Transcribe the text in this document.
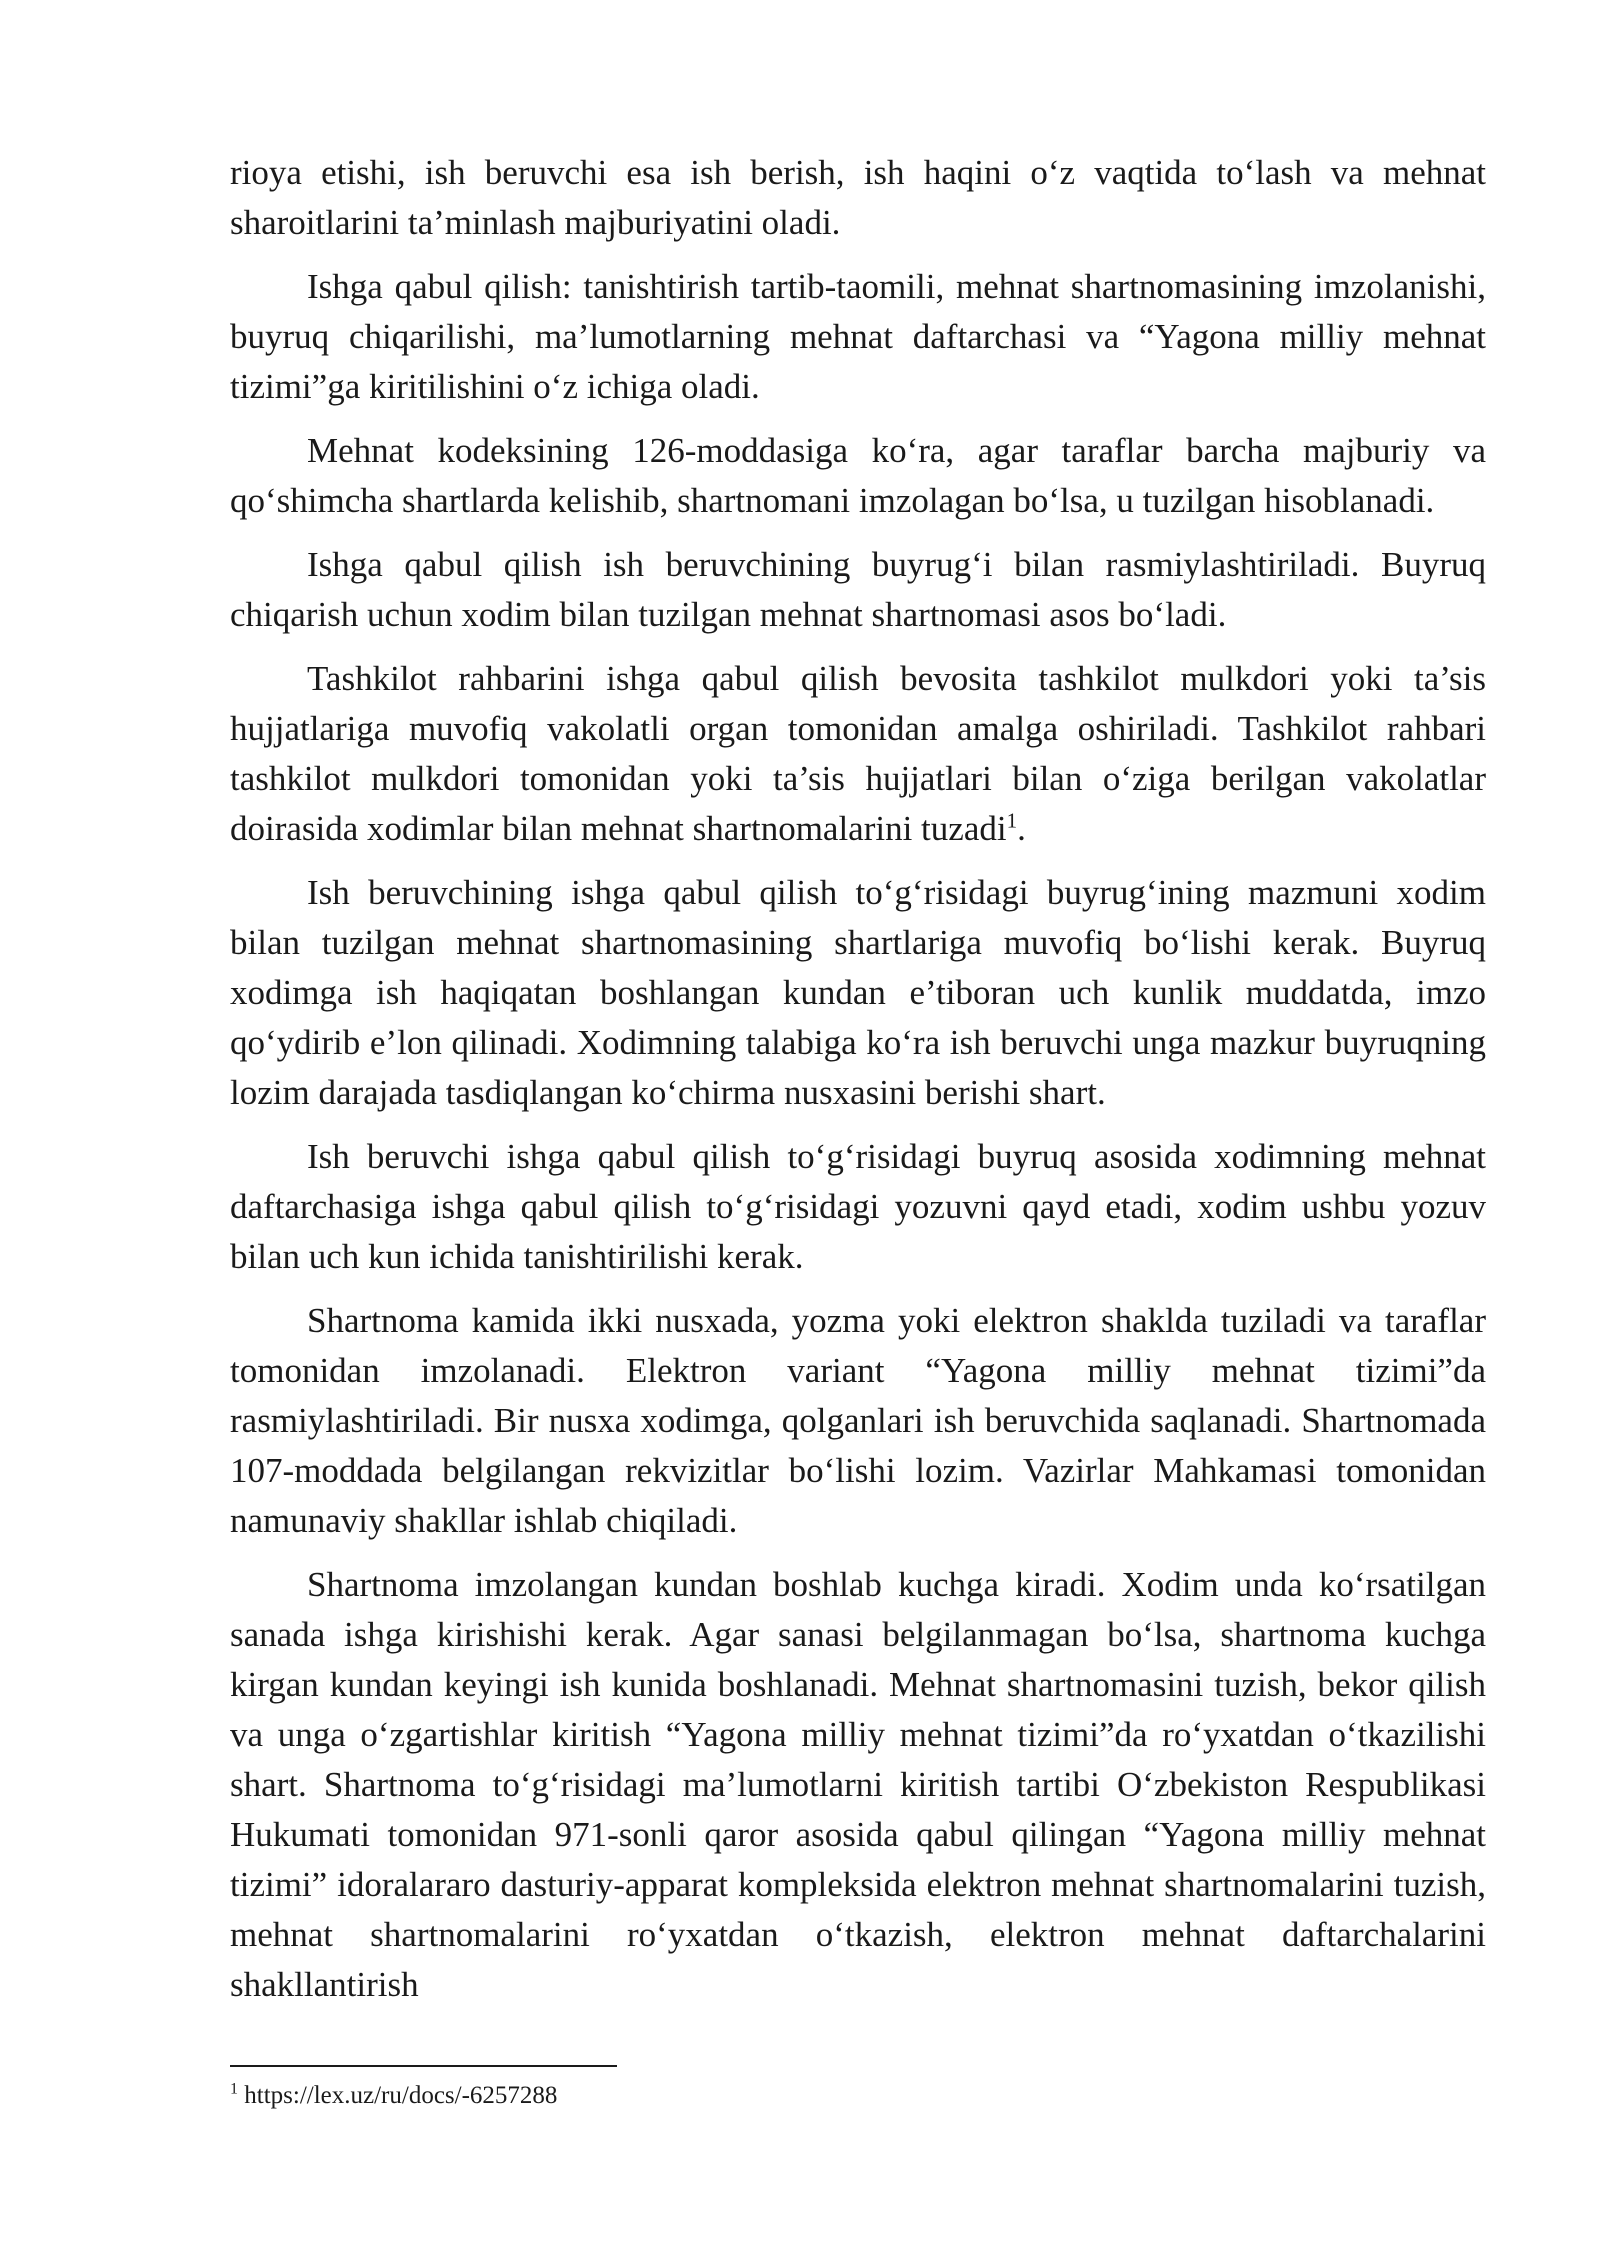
rioya etishi, ish beruvchi esa ish berish, ish haqini o‘z vaqtida to‘lash va mehnat sharoitlarini ta’minlash majburiyatini oladi.

Ishga qabul qilish: tanishtirish tartib-taomili, mehnat shartnomasining imzolanishi, buyruq chiqarilishi, ma’lumotlarning mehnat daftarchasi va “Yagona milliy mehnat tizimi”ga kiritilishini o‘z ichiga oladi.

Mehnat kodeksining 126-moddasiga ko‘ra, agar taraflar barcha majburiy va qo‘shimcha shartlarda kelishib, shartnomani imzolagan bo‘lsa, u tuzilgan hisoblanadi.

Ishga qabul qilish ish beruvchining buyrug‘i bilan rasmiylashtiriladi. Buyruq chiqarish uchun xodim bilan tuzilgan mehnat shartnomasi asos bo‘ladi.

Tashkilot rahbarini ishga qabul qilish bevosita tashkilot mulkdori yoki ta’sis hujjatlariga muvofiq vakolatli organ tomonidan amalga oshiriladi. Tashkilot rahbari tashkilot mulkdori tomonidan yoki ta’sis hujjatlari bilan o‘ziga berilgan vakolatlar doirasida xodimlar bilan mehnat shartnomalarini tuzadi$^1$.

Ish beruvchining ishga qabul qilish to‘g‘risidagi buyrug‘ining mazmuni xodim bilan tuzilgan mehnat shartnomasining shartlariga muvofiq bo‘lishi kerak. Buyruq xodimga ish haqiqatan boshlangan kundan e’tiboran uch kunlik muddatda, imzo qo‘ydirib e’lon qilinadi. Xodimning talabiga ko‘ra ish beruvchi unga mazkur buyruqning lozim darajada tasdiqlangan ko‘chirma nusxasini berishi shart.

Ish beruvchi ishga qabul qilish to‘g‘risidagi buyruq asosida xodimning mehnat daftarchasiga ishga qabul qilish to‘g‘risidagi yozuvni qayd etadi, xodim ushbu yozuv bilan uch kun ichida tanishtirilishi kerak.

Shartnoma kamida ikki nusxada, yozma yoki elektron shaklda tuziladi va taraflar tomonidan imzolanadi. Elektron variant “Yagona milliy mehnat tizimi”da rasmiylashtiriladi. Bir nusxa xodimga, qolganlari ish beruvchida saqlanadi. Shartnomada 107-moddada belgilangan rekvizitlar bo‘lishi lozim. Vazirlar Mahkamasi tomonidan namunaviy shakllar ishlab chiqiladi.

Shartnoma imzolangan kundan boshlab kuchga kiradi. Xodim unda ko‘rsatilgan sanada ishga kirishishi kerak. Agar sanasi belgilanmagan bo‘lsa, shartnoma kuchga kirgan kundan keyingi ish kunida boshlanadi. Mehnat shartnomasini tuzish, bekor qilish va unga o‘zgartishlar kiritish “Yagona milliy mehnat tizimi”da ro‘yxatdan o‘tkazilishi shart. Shartnoma to‘g‘risidagi ma’lumotlarni kiritish tartibi O‘zbekiston Respublikasi Hukumati tomonidan 971-sonli qaror asosida qabul qilingan “Yagona milliy mehnat tizimi” idoralararo dasturiy-apparat kompleksida elektron mehnat shartnomalarini tuzish, mehnat shartnomalarini ro‘yxatdan o‘tkazish, elektron mehnat daftarchalarini shakllantirish

$^1$ https://lex.uz/ru/docs/-6257288
